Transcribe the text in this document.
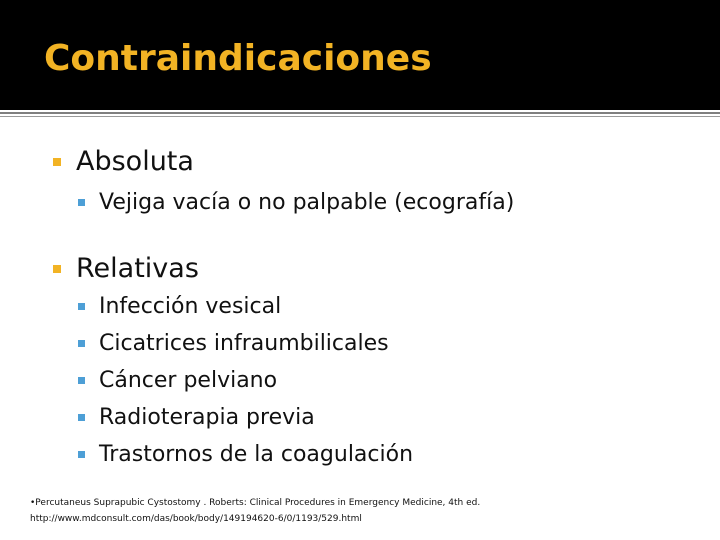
Contraindicaciones
Absoluta
Vejiga vacía o no palpable (ecografía)
Relativas
Infección vesical
Cicatrices infraumbilicales
Cáncer pelviano
Radioterapia previa
Trastornos de la coagulación
•Percutaneus Suprapubic Cystostomy . Roberts: Clinical Procedures in Emergency Medicine, 4th ed.
http://www.mdconsult.com/das/book/body/149194620-6/0/1193/529.html
